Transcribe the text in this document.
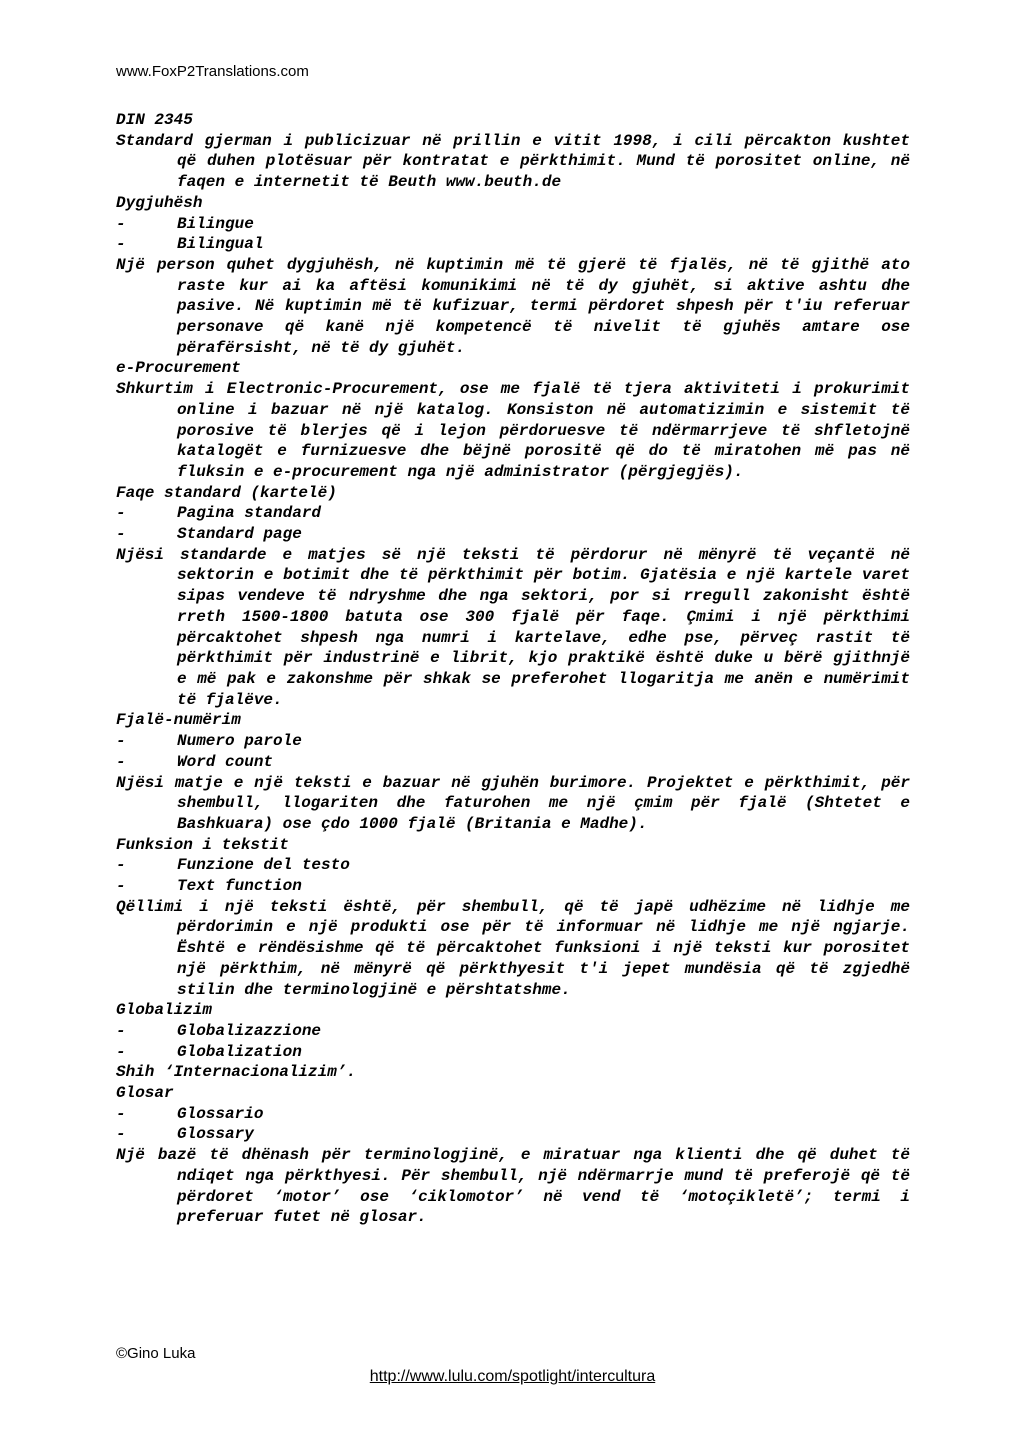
www.FoxP2Translations.com
DIN 2345
Standard gjerman i publicizuar në prillin e vitit 1998, i cili përcakton kushtet që duhen plotësuar për kontratat e përkthimit. Mund të porositet online, në faqen e internetit të Beuth www.beuth.de
Dygjuhësh
-	Bilingue
-	Bilingual
Një person quhet dygjuhësh, në kuptimin më të gjerë të fjalës, në të gjithë ato raste kur ai ka aftësi komunikimi në të dy gjuhët, si aktive ashtu dhe pasive. Në kuptimin më të kufizuar, termi përdoret shpesh për t'iu referuar personave që kanë një kompetencë të nivelit të gjuhës amtare ose përafërsisht, në të dy gjuhët.
e-Procurement
Shkurtim i Electronic-Procurement, ose me fjalë të tjera aktiviteti i prokurimit online i bazuar në një katalog. Konsiston në automatizimin e sistemit të porosive të blerjes që i lejon përdoruesve të ndërmarrjeve të shfletojnë katalogët e furnizuesve dhe bëjnë porositë që do të miratohen më pas në fluksin e e-procurement nga një administrator (përgjegjës).
Faqe standard (kartelë)
-	Pagina standard
-	Standard page
Njësi standarde e matjes së një teksti të përdorur në mënyrë të veçantë në sektorin e botimit dhe të përkthimit për botim. Gjatësia e një kartele varet sipas vendeve të ndryshme dhe nga sektori, por si rregull zakonisht është rreth 1500-1800 batuta ose 300 fjalë për faqe. Çmimi i një përkthimi përcaktohet shpesh nga numri i kartelave, edhe pse, përveç rastit të përkthimit për industrinë e librit, kjo praktikë është duke u bërë gjithnjë e më pak e zakonshme për shkak se preferohet llogaritja me anën e numërimit të fjalëve.
Fjalë-numërim
-	Numero parole
-	Word count
Njësi matje e një teksti e bazuar në gjuhën burimore. Projektet e përkthimit, për shembull, llogariten dhe faturohen me një çmim për fjalë (Shtetet e Bashkuara) ose çdo 1000 fjalë (Britania e Madhe).
Funksion i tekstit
-	Funzione del testo
-	Text function
Qëllimi i një teksti është, për shembull, që të japë udhëzime në lidhje me përdorimin e një produkti ose për të informuar në lidhje me një ngjarje. Është e rëndësishme që të përcaktohet funksioni i një teksti kur porositet një përkthim, në mënyrë që përkthyesit t'i jepet mundësia që të zgjedhë stilin dhe terminologjinë e përshtatshme.
Globalizim
-	Globalizazzione
-	Globalization
Shih ‘Internacionalizim’.
Glosar
-	Glossario
-	Glossary
Një bazë të dhënash për terminologjinë, e miratuar nga klienti dhe që duhet të ndiqet nga përkthyesi. Për shembull, një ndërmarrje mund të preferojë që të përdoret ‘motor’ ose ‘ciklomotor’ në vend të ‘motoçikletë’; termi i preferuar futet në glosar.
©Gino Luka
http://www.lulu.com/spotlight/intercultura
